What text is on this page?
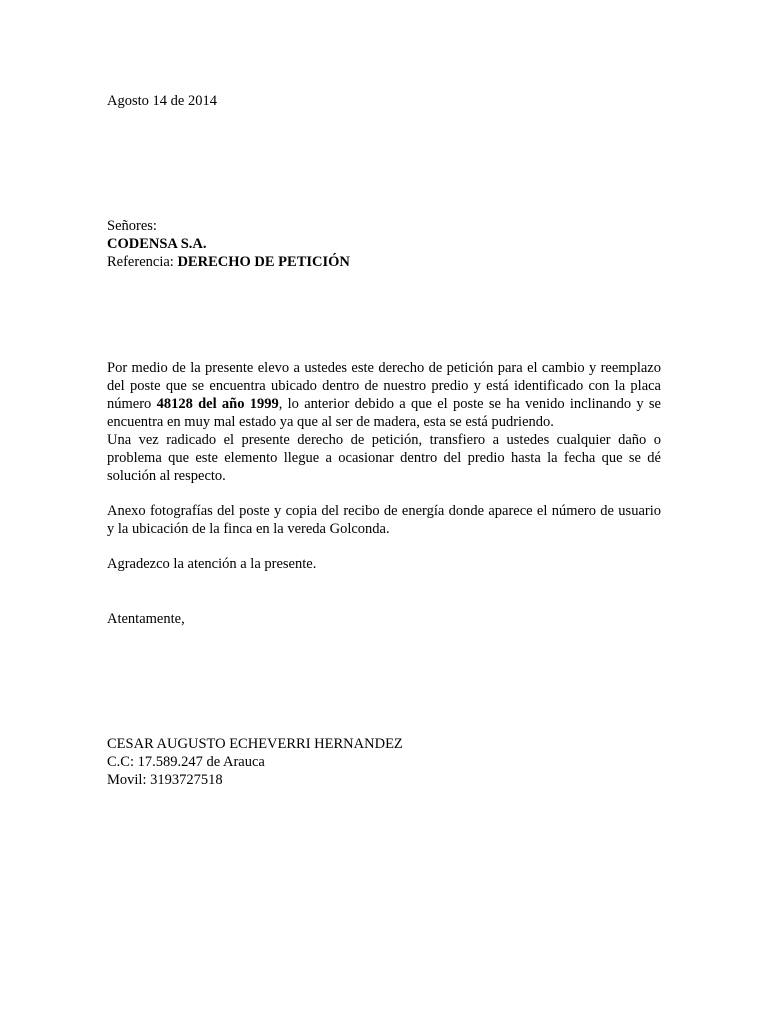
Agosto 14 de 2014
Señores:
CODENSA S.A.
Referencia: DERECHO DE PETICIÓN

Por medio de la presente elevo a ustedes este derecho de petición para el cambio y reemplazo del poste que se encuentra ubicado dentro de nuestro predio y está identificado con la placa número 48128 del año 1999, lo anterior debido a que el poste se ha venido inclinando y se encuentra en muy mal estado ya que al ser de madera, esta se está pudriendo.

Una vez radicado el presente derecho de petición, transfiero a ustedes cualquier daño o problema que este elemento llegue a ocasionar dentro del predio hasta la fecha que se dé solución al respecto.

Anexo fotografías del poste y copia del recibo de energía donde aparece el número de usuario y la ubicación de la finca en la vereda Golconda.

Agradezco la atención a la presente.

Atentamente,
CESAR AUGUSTO ECHEVERRI HERNANDEZ
C.C: 17.589.247 de Arauca
Movil: 3193727518
